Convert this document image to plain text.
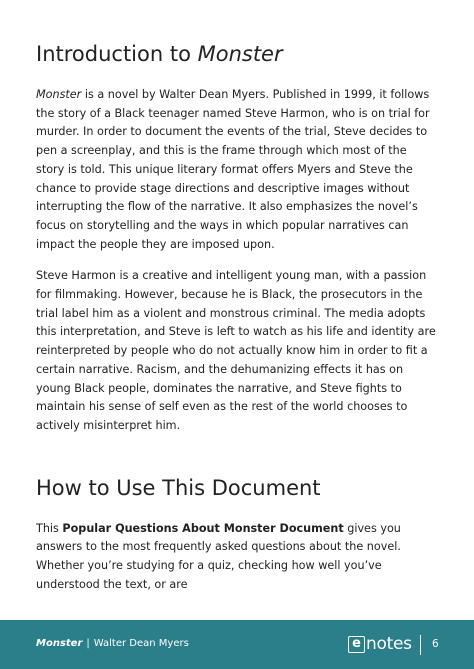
Introduction to Monster

Monster is a novel by Walter Dean Myers. Published in 1999, it follows the story of a Black teenager named Steve Harmon, who is on trial for murder. In order to document the events of the trial, Steve decides to pen a screenplay, and this is the frame through which most of the story is told. This unique literary format offers Myers and Steve the chance to provide stage directions and descriptive images without interrupting the flow of the narrative. It also emphasizes the novel’s focus on storytelling and the ways in which popular narratives can impact the people they are imposed upon.

Steve Harmon is a creative and intelligent young man, with a passion for filmmaking. However, because he is Black, the prosecutors in the trial label him as a violent and monstrous criminal. The media adopts this interpretation, and Steve is left to watch as his life and identity are reinterpreted by people who do not actually know him in order to fit a certain narrative. Racism, and the dehumanizing effects it has on young Black people, dominates the narrative, and Steve fights to maintain his sense of self even as the rest of the world chooses to actively misinterpret him.

How to Use This Document

This Popular Questions About Monster Document gives you answers to the most frequently asked questions about the novel. Whether you’re studying for a quiz, checking how well you’ve understood the text, or are

Monster | Walter Dean Myers	e notes 6
